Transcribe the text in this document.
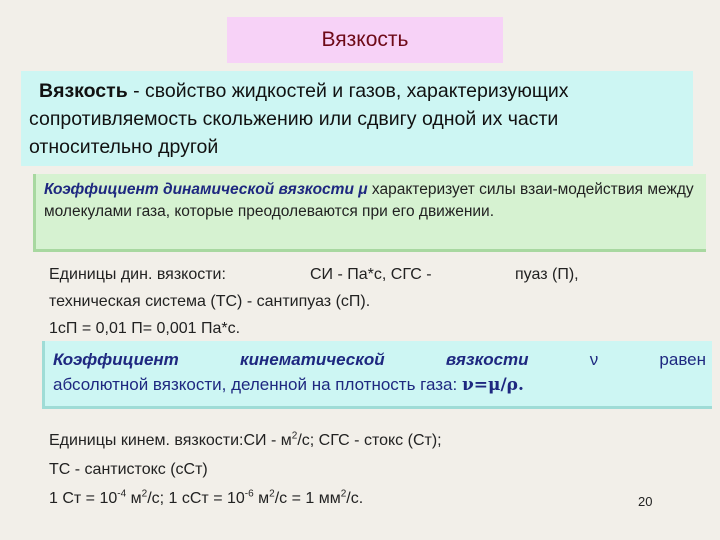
Вязкость
Вязкость - свойство жидкостей и газов, характеризующих сопротивляемость скольжению или сдвигу одной их части относительно другой
Коэффициент динамической вязкости μ характеризует силы взаи-модействия между молекулами газа, которые преодолеваются при его движении.
Единицы дин. вязкости:	СИ - Па*с, СГС -	пуаз (П),
техническая система (ТС) - сантипуаз (сП).
1сП = 0,01 П= 0,001 Па*с.
Коэффициент	кинематической	вязкости	ν	равен
абсолютной вязкости, деленной на плотность газа: ν=μ/ρ.
Единицы кинем. вязкости:СИ - $м^2/с$; СГС - стокс (Ст);
ТС - сантистокс (сСт)
1 Ст = $10^{-4}$ $м^2/с$; 1 сСт = $10^{-6}$ $м^2/с = 1$ $мм^2/с$.	20
